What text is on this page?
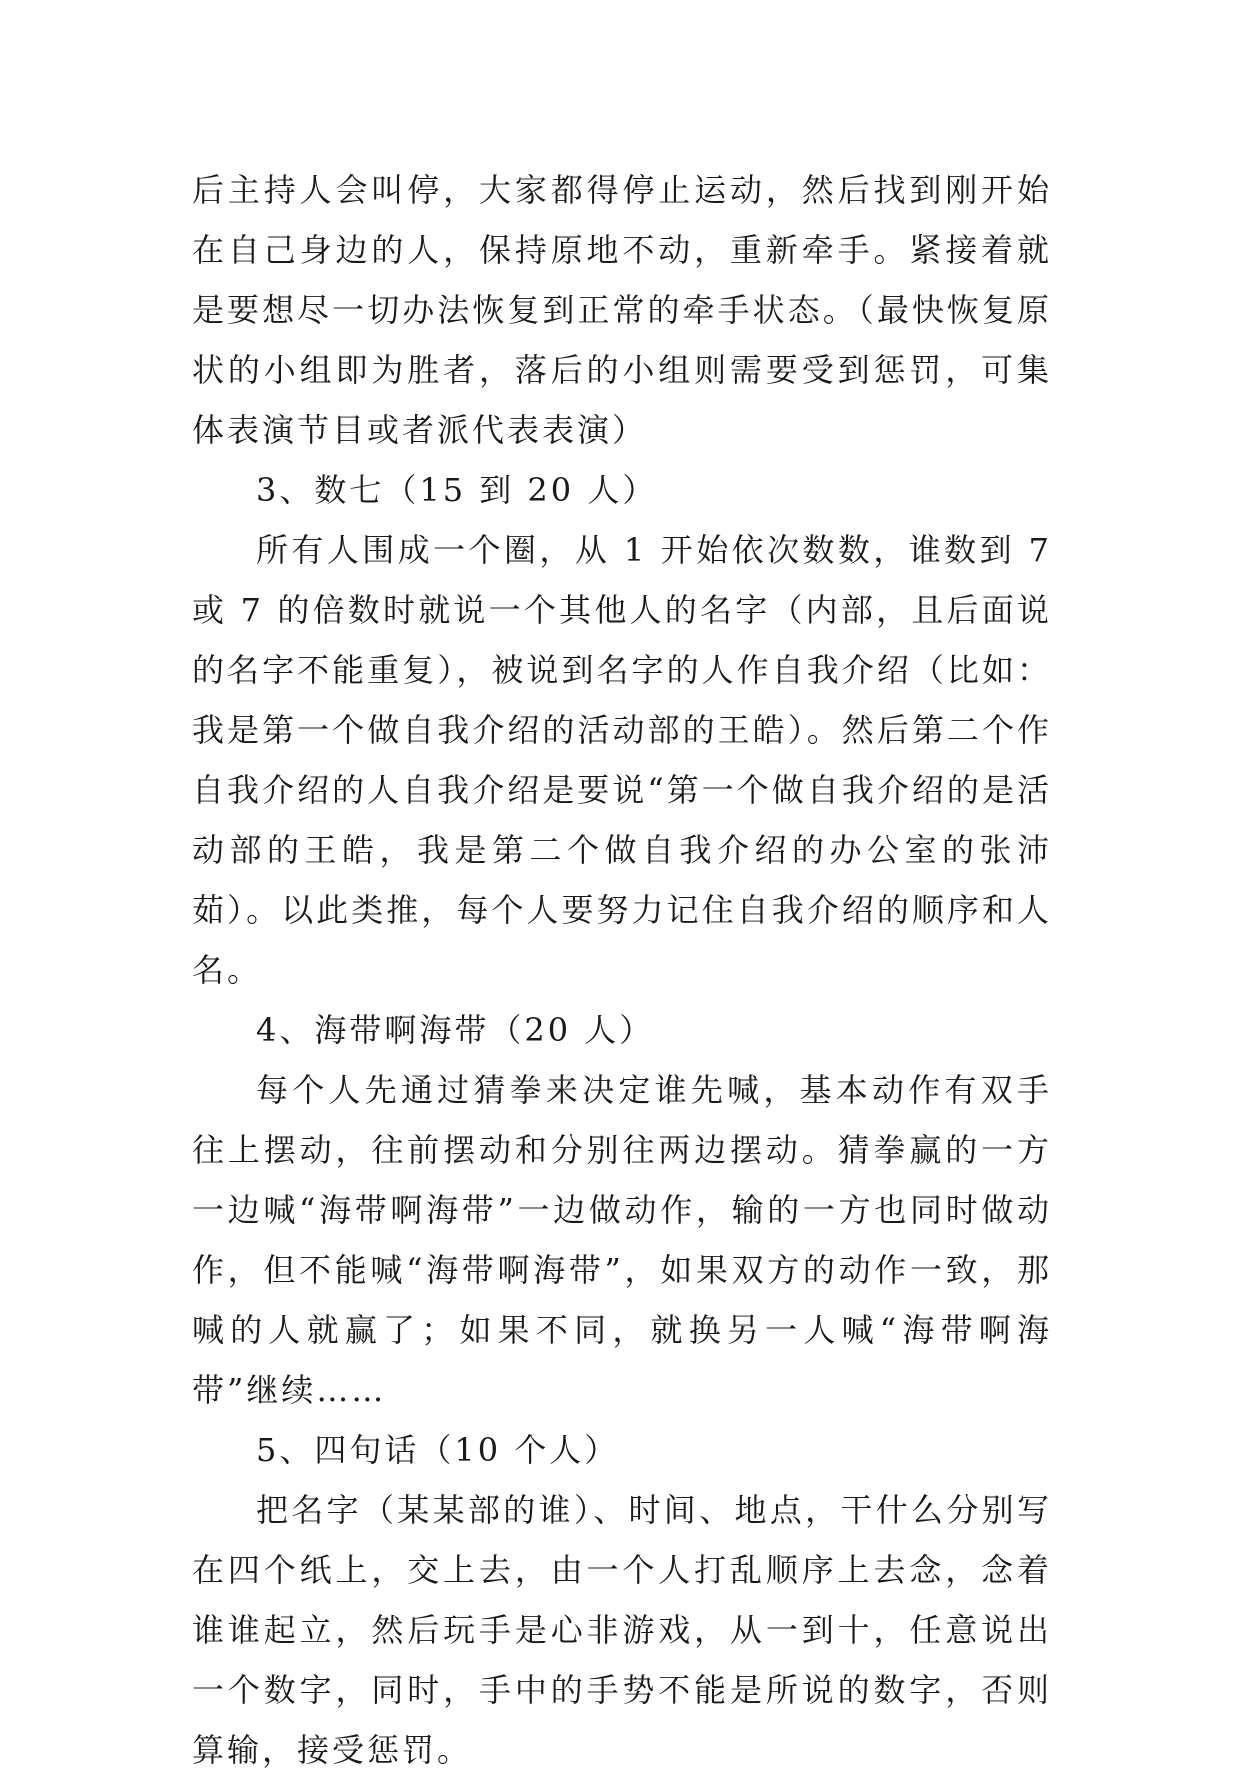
后主持人会叫停，大家都得停止运动，然后找到刚开始在自己身边的人，保持原地不动，重新牵手。紧接着就是要想尽一切办法恢复到正常的牵手状态。（最快恢复原状的小组即为胜者，落后的小组则需要受到惩罚，可集体表演节目或者派代表表演）

3、数七（15 到 20 人）

所有人围成一个圈，从 1 开始依次数数，谁数到 7 或 7 的倍数时就说一个其他人的名字（内部，且后面说的名字不能重复），被说到名字的人作自我介绍（比如：我是第一个做自我介绍的活动部的王皓）。然后第二个作自我介绍的人自我介绍是要说“第一个做自我介绍的是活动部的王皓，我是第二个做自我介绍的办公室的张沛茹）。以此类推，每个人要努力记住自我介绍的顺序和人名。

4、海带啊海带（20 人）

每个人先通过猜拳来决定谁先喊，基本动作有双手往上摆动，往前摆动和分别往两边摆动。猜拳赢的一方一边喊“海带啊海带”一边做动作，输的一方也同时做动作，但不能喊“海带啊海带”，如果双方的动作一致，那喊的人就赢了；如果不同，就换另一人喊“海带啊海带”继续……

5、四句话（10 个人）

把名字（某某部的谁）、时间、地点，干什么分别写在四个纸上，交上去，由一个人打乱顺序上去念，念着谁谁起立，然后玩手是心非游戏，从一到十，任意说出一个数字，同时，手中的手势不能是所说的数字，否则算输，接受惩罚。
